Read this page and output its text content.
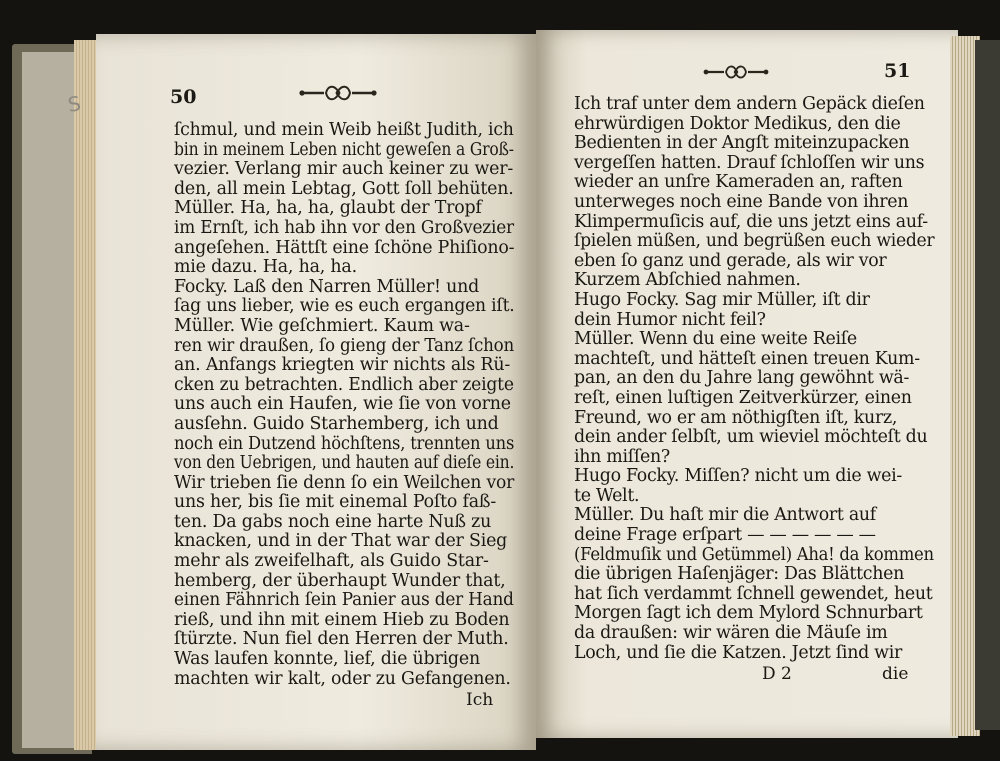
S	50
ſchmul, und mein Weib heißt Judith, ich
bin in meinem Leben nicht geweſen a Groß-
vezier. Verlang mir auch keiner zu wer-
den, all mein Lebtag, Gott ſoll behüten.
Müller. Ha, ha, ha, glaubt der Tropf
im Ernſt, ich hab ihn vor den Großvezier
angeſehen. Hättſt eine ſchöne Phiſiono-
mie dazu. Ha, ha, ha.
Focky. Laß den Narren Müller! und
ſag uns lieber, wie es euch ergangen iſt.
Müller. Wie geſchmiert. Kaum wa-
ren wir draußen, ſo gieng der Tanz ſchon
an. Anfangs kriegten wir nichts als Rü-
cken zu betrachten. Endlich aber zeigte
uns auch ein Haufen, wie ſie von vorne
ausſehn. Guido Starhemberg, ich und
noch ein Dutzend höchſtens, trennten uns
von den Uebrigen, und hauten auf dieſe ein.
Wir trieben ſie denn ſo ein Weilchen vor
uns her, bis ſie mit einemal Poſto faß-
ten. Da gabs noch eine harte Nuß zu
knacken, und in der That war der Sieg
mehr als zweifelhaft, als Guido Star-
hemberg, der überhaupt Wunder that,
einen Fähnrich ſein Panier aus der Hand
rieß, und ihn mit einem Hieb zu Boden
ſtürzte. Nun fiel den Herren der Muth.
Was laufen konnte, lief, die übrigen
machten wir kalt, oder zu Gefangenen.
Ich
51
Ich traf unter dem andern Gepäck dieſen
ehrwürdigen Doktor Medikus, den die
Bedienten in der Angſt miteinzupacken
vergeſſen hatten. Drauf ſchloſſen wir uns
wieder an unſre Kameraden an, raften
unterweges noch eine Bande von ihren
Klimpermuſicis auf, die uns jetzt eins auf-
ſpielen müßen, und begrüßen euch wieder
eben ſo ganz und gerade, als wir vor
Kurzem Abſchied nahmen.
Hugo Focky. Sag mir Müller, iſt dir
dein Humor nicht feil?
Müller. Wenn du eine weite Reiſe
machteſt, und hätteſt einen treuen Kum-
pan, an den du Jahre lang gewöhnt wä-
reſt, einen luſtigen Zeitverkürzer, einen
Freund, wo er am nöthigſten iſt, kurz,
dein ander ſelbſt, um wieviel möchteſt du
ihn miſſen?
Hugo Focky. Miſſen? nicht um die wei-
te Welt.
Müller. Du haſt mir die Antwort auf
deine Frage erſpart — — — — — —
(Feldmuſik und Getümmel) Aha! da kommen
die übrigen Haſenjäger: Das Blättchen
hat ſich verdammt ſchnell gewendet, heut
Morgen ſagt ich dem Mylord Schnurbart
da draußen: wir wären die Mäuſe im
Loch, und ſie die Katzen. Jetzt ſind wir
D 2	die
